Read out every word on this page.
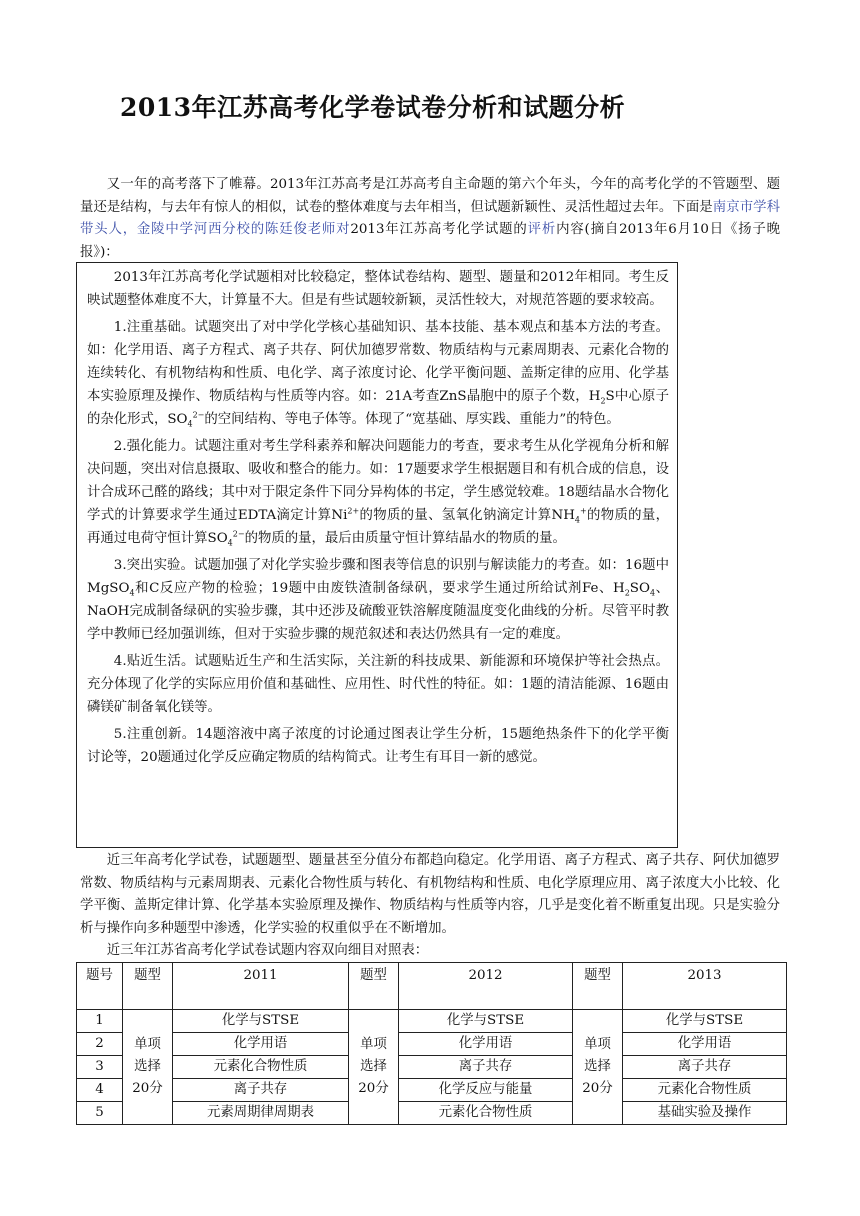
2013年江苏高考化学卷试卷分析和试题分析

又一年的高考落下了帷幕。2013年江苏高考是江苏高考自主命题的第六个年头，今年的高考化学的不管题型、题量还是结构，与去年有惊人的相似，试卷的整体难度与去年相当，但试题新颖性、灵活性超过去年。下面是南京市学科带头人，金陵中学河西分校的陈廷俊老师对2013年江苏高考化学试题的评析内容(摘自2013年6月10日《扬子晚报》)：

2013年江苏高考化学试题相对比较稳定，整体试卷结构、题型、题量和2012年相同。考生反映试题整体难度不大，计算量不大。但是有些试题较新颖，灵活性较大，对规范答题的要求较高。

1.注重基础。试题突出了对中学化学核心基础知识、基本技能、基本观点和基本方法的考查。如：化学用语、离子方程式、离子共存、阿伏加德罗常数、物质结构与元素周期表、元素化合物的连续转化、有机物结构和性质、电化学、离子浓度讨论、化学平衡问题、盖斯定律的应用、化学基本实验原理及操作、物质结构与性质等内容。如：21A考查ZnS晶胞中的原子个数，$H_2S$中心原子的杂化形式，$SO_4^{2-}$的空间结构、等电子体等。体现了“宽基础、厚实践、重能力”的特色。

2.强化能力。试题注重对考生学科素养和解决问题能力的考查，要求考生从化学视角分析和解决问题，突出对信息摄取、吸收和整合的能力。如：17题要求学生根据题目和有机合成的信息，设计合成环己醛的路线；其中对于限定条件下同分异构体的书定，学生感觉较难。18题结晶水合物化学式的计算要求学生通过EDTA滴定计算$Ni^{2+}$的物质的量、氢氧化钠滴定计算$NH_4^+$的物质的量，再通过电荷守恒计算$SO_4^{2-}$的物质的量，最后由质量守恒计算结晶水的物质的量。

3.突出实验。试题加强了对化学实验步骤和图表等信息的识别与解读能力的考查。如：16题中MgSO$_4$和C反应产物的检验；19题中由废铁渣制备绿矾，要求学生通过所给试剂Fe、$H_2SO_4$、NaOH完成制备绿矾的实验步骤，其中还涉及硫酸亚铁溶解度随温度变化曲线的分析。尽管平时教学中教师已经加强训练，但对于实验步骤的规范叙述和表达仍然具有一定的难度。

4.贴近生活。试题贴近生产和生活实际，关注新的科技成果、新能源和环境保护等社会热点。充分体现了化学的实际应用价值和基础性、应用性、时代性的特征。如：1题的清洁能源、16题由磷镁矿制备氧化镁等。

5.注重创新。14题溶液中离子浓度的讨论通过图表让学生分析，15题绝热条件下的化学平衡讨论等，20题通过化学反应确定物质的结构简式。让考生有耳目一新的感觉。

近三年高考化学试卷，试题题型、题量甚至分值分布都趋向稳定。化学用语、离子方程式、离子共存、阿伏加德罗常数、物质结构与元素周期表、元素化合物性质与转化、有机物结构和性质、电化学原理应用、离子浓度大小比较、化学平衡、盖斯定律计算、化学基本实验原理及操作、物质结构与性质等内容，几乎是变化着不断重复出现。只是实验分析与操作向多种题型中渗透，化学实验的权重似乎在不断增加。

近三年江苏省高考化学试卷试题内容双向细目对照表：

题号	题型	2011	题型	2012	题型	2013
1	单项
选择
20分	化学与STSE	单项
选择
20分	化学与STSE	单项
选择
20分	化学与STSE
2		化学用语		化学用语		化学用语
3		元素化合物性质		离子共存		离子共存
4		离子共存		化学反应与能量		元素化合物性质
5		元素周期律周期表		元素化合物性质		基础实验及操作
